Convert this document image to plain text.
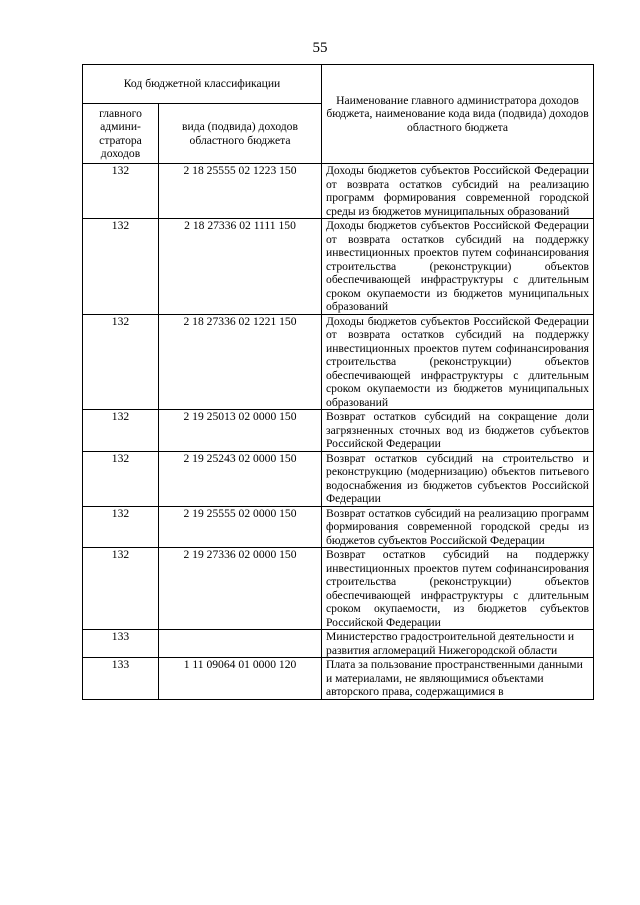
55
Код бюджетной классификации		Наименование главного администратора доходов бюджета, наименование кода вида (подвида) доходов областного бюджета
главного админи-стратора доходов	вида (подвида) доходов областного бюджета	
132	2 18 25555 02 1223 150	Доходы бюджетов субъектов Российской Федерации от возврата остатков субсидий на реализацию программ формирования современной городской среды из бюджетов муниципальных образований
132	2 18 27336 02 1111 150	Доходы бюджетов субъектов Российской Федерации от возврата остатков субсидий на поддержку инвестиционных проектов путем софинансирования строительства (реконструкции) объектов обеспечивающей инфраструктуры с длительным сроком окупаемости из бюджетов муниципальных образований
132	2 18 27336 02 1221 150	Доходы бюджетов субъектов Российской Федерации от возврата остатков субсидий на поддержку инвестиционных проектов путем софинансирования строительства (реконструкции) объектов обеспечивающей инфраструктуры с длительным сроком окупаемости из бюджетов муниципальных образований
132	2 19 25013 02 0000 150	Возврат остатков субсидий на сокращение доли загрязненных сточных вод из бюджетов субъектов Российской Федерации
132	2 19 25243 02 0000 150	Возврат остатков субсидий на строительство и реконструкцию (модернизацию) объектов питьевого водоснабжения из бюджетов субъектов Российской Федерации
132	2 19 25555 02 0000 150	Возврат остатков субсидий на реализацию программ формирования современной городской среды из бюджетов субъектов Российской Федерации
132	2 19 27336 02 0000 150	Возврат остатков субсидий на поддержку инвестиционных проектов путем софинансирования строительства (реконструкции) объектов обеспечивающей инфраструктуры с длительным сроком окупаемости, из бюджетов субъектов Российской Федерации
133		Министерство градостроительной деятельности и развития агломераций Нижегородской области
133	1 11 09064 01 0000 120	Плата за пользование пространственными данными и материалами, не являющимися объектами авторского права, содержащимися в
